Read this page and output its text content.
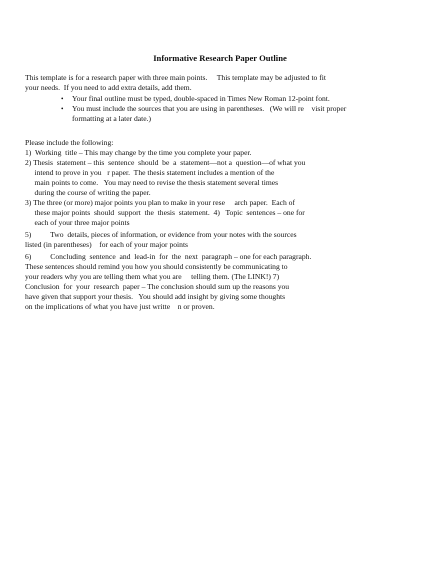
Informative Research Paper Outline
This template is for a research paper with three main points.     This template may be adjusted to fit
your needs.  If you need to add extra details, add them.
• Your final outline must be typed, double-spaced in Times New Roman 12-point font.
• You must include the sources that you are using in parentheses.   (We will re    visit proper
formatting at a later date.)
Please include the following:
1)  Working  title – This may change by the time you complete your paper.
2) Thesis  statement – this  sentence  should  be  a  statement—not a  question—of what you
intend to prove in you   r paper.  The thesis statement includes a mention of the
main points to come.   You may need to revise the thesis statement several times
during the course of writing the paper.
3) The three (or more) major points you plan to make in your rese     arch paper.  Each of
these major points  should  support  the  thesis  statement.  4)   Topic  sentences – one for
each of your three major points
5)          Two  details, pieces of information, or evidence from your notes with the sources
listed (in parentheses)    for each of your major points
6)          Concluding  sentence  and  lead-in  for  the  next  paragraph – one for each paragraph.
These sentences should remind you how you should consistently be communicating to
your readers why you are telling them what you are     telling them. (The LINK!) 7)
Conclusion  for  your  research  paper – The conclusion should sum up the reasons you
have given that support your thesis.   You should add insight by giving some thoughts
on the implications of what you have just writte    n or proven.
